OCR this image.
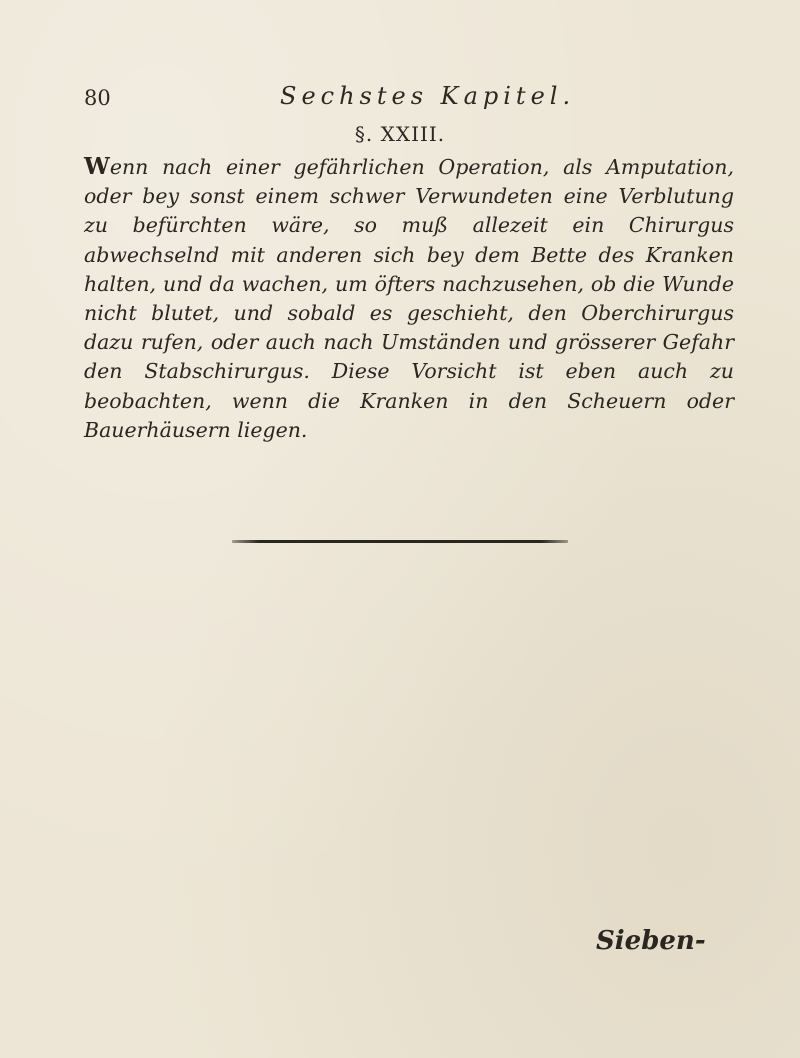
80	Sechstes Kapitel.
§. XXIII.

Wenn nach einer gefährlichen Operation, als Amputation, oder bey sonst einem schwer Verwundeten eine Verblutung zu befürchten wäre, so muß allezeit ein Chirurgus abwechselnd mit anderen sich bey dem Bette des Kranken halten, und da wachen, um öfters nachzusehen, ob die Wunde nicht blutet, und sobald es geschieht, den Oberchirurgus dazu rufen, oder auch nach Umständen und grösserer Gefahr den Stabschirurgus. Diese Vorsicht ist eben auch zu beobachten, wenn die Kranken in den Scheuern oder Bauerhäusern liegen.

Sieben-
